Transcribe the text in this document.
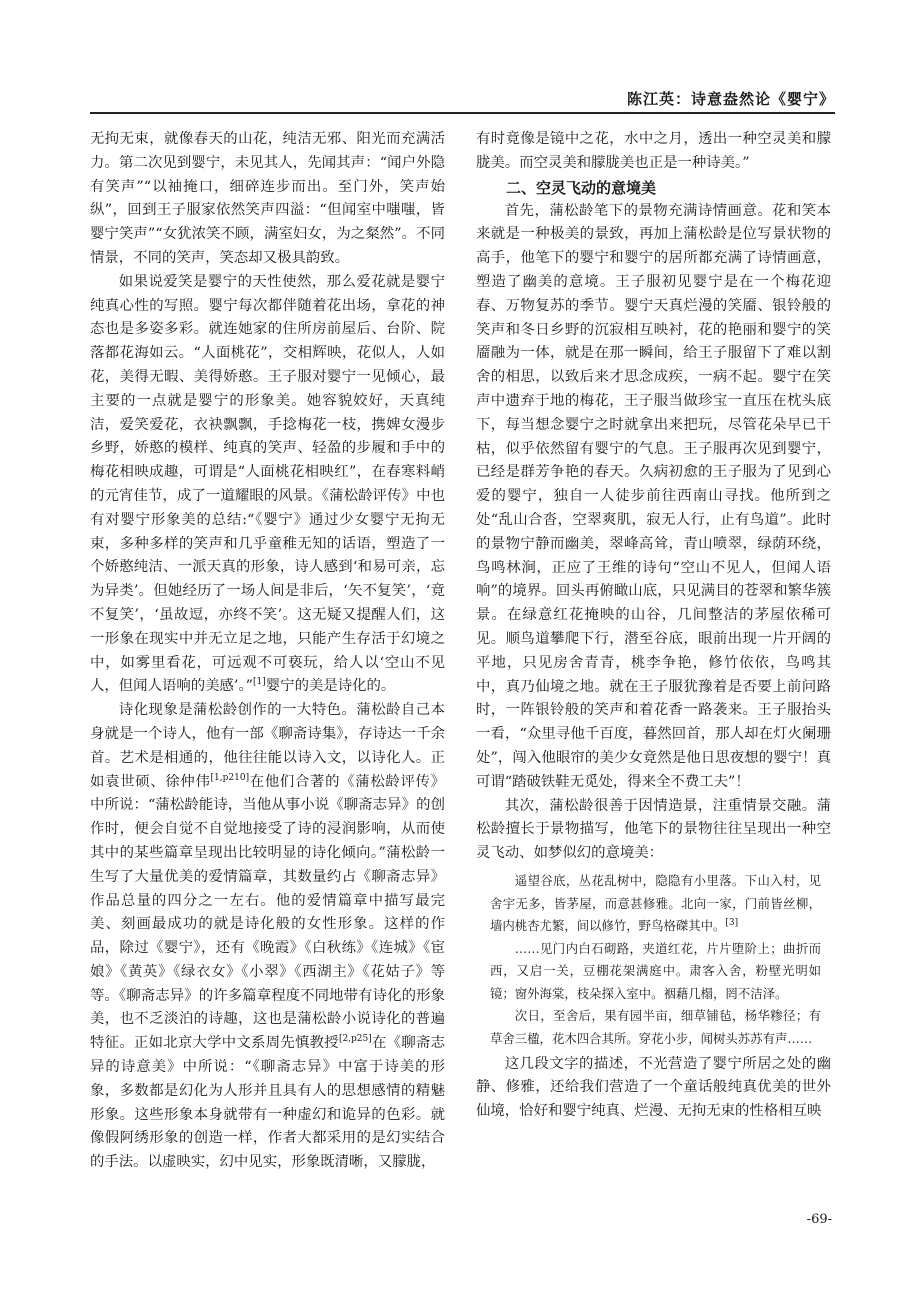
陈江英：诗意盎然论《婴宁》

无拘无束，就像春天的山花，纯洁无邪、阳光而充满活力。第二次见到婴宁，未见其人，先闻其声：“闻户外隐有笑声”“以袖掩口，细碎连步而出。至门外，笑声始纵”，回到王子服家依然笑声四溢：“但闻室中嗤嗤，皆婴宁笑声”“女犹浓笑不顾，满室妇女，为之粲然”。不同情景，不同的笑声，笑态却又极具韵致。

如果说爱笑是婴宁的天性使然，那么爱花就是婴宁纯真心性的写照。婴宁每次都伴随着花出场，拿花的神态也是多姿多彩。就连她家的住所房前屋后、台阶、院落都花海如云。“人面桃花”，交相辉映，花似人，人如花，美得无暇、美得娇憨。王子服对婴宁一见倾心，最主要的一点就是婴宁的形象美。她容貌姣好，天真纯洁，爱笑爱花，衣袂飘飘，手捻梅花一枝，携婢女漫步乡野，娇憨的模样、纯真的笑声、轻盈的步履和手中的梅花相映成趣，可谓是“人面桃花相映红”，在春寒料峭的元宵佳节，成了一道耀眼的风景。《蒲松龄评传》中也有对婴宁形象美的总结:“《婴宁》通过少女婴宁无拘无束，多种多样的笑声和几乎童稚无知的话语，塑造了一个娇憨纯洁、一派天真的形象，诗人感到‘和易可亲，忘为异类’。但她经历了一场人间是非后，‘矢不复笑’，‘竟不复笑’，‘虽故逗，亦终不笑’。这无疑又提醒人们，这一形象在现实中并无立足之地，只能产生存活于幻境之中，如雾里看花，可远观不可亵玩，给人以‘空山不见人，但闻人语响的美感’。”[1]婴宁的美是诗化的。

诗化现象是蒲松龄创作的一大特色。蒲松龄自己本身就是一个诗人，他有一部《聊斋诗集》，存诗达一千余首。艺术是相通的，他往往能以诗入文，以诗化人。正如袁世硕、徐仲伟[1,p210]在他们合著的《蒲松龄评传》中所说：“蒲松龄能诗，当他从事小说《聊斋志异》的创作时，便会自觉不自觉地接受了诗的浸润影响，从而使其中的某些篇章呈现出比较明显的诗化倾向。”蒲松龄一生写了大量优美的爱情篇章，其数量约占《聊斋志异》作品总量的四分之一左右。他的爱情篇章中描写最完美、刻画最成功的就是诗化般的女性形象。这样的作品，除过《婴宁》，还有《晚霞》《白秋练》《连城》《宦娘》《黄英》《绿衣女》《小翠》《西湖主》《花姑子》等等。《聊斋志异》的许多篇章程度不同地带有诗化的形象美，也不乏淡泊的诗趣，这也是蒲松龄小说诗化的普遍特征。正如北京大学中文系周先慎教授[2,p25]在《聊斋志异的诗意美》中所说：“《聊斋志异》中富于诗美的形象，多数都是幻化为人形并且具有人的思想感情的精魅形象。这些形象本身就带有一种虚幻和诡异的色彩。就像假阿绣形象的创造一样，作者大都采用的是幻实结合的手法。以虚映实，幻中见实，形象既清晰，又朦胧，

有时竟像是镜中之花，水中之月，透出一种空灵美和朦胧美。而空灵美和朦胧美也正是一种诗美。”

二、空灵飞动的意境美

首先，蒲松龄笔下的景物充满诗情画意。花和笑本来就是一种极美的景致，再加上蒲松龄是位写景状物的高手，他笔下的婴宁和婴宁的居所都充满了诗情画意，塑造了幽美的意境。王子服初见婴宁是在一个梅花迎春、万物复苏的季节。婴宁天真烂漫的笑靥、银铃般的笑声和冬日乡野的沉寂相互映衬，花的艳丽和婴宁的笑靥融为一体，就是在那一瞬间，给王子服留下了难以割舍的相思，以致后来才思念成疾，一病不起。婴宁在笑声中遗弃于地的梅花，王子服当做珍宝一直压在枕头底下，每当想念婴宁之时就拿出来把玩，尽管花朵早已干枯，似乎依然留有婴宁的气息。王子服再次见到婴宁，已经是群芳争艳的春天。久病初愈的王子服为了见到心爱的婴宁，独自一人徒步前往西南山寻找。他所到之处“乱山合沓，空翠爽肌，寂无人行，止有鸟道”。此时的景物宁静而幽美，翠峰高耸，青山喷翠，绿荫环绕，鸟鸣林涧，正应了王维的诗句“空山不见人，但闻人语响”的境界。回头再俯瞰山底，只见满目的苍翠和繁华簇景。在绿意红花掩映的山谷，几间整洁的茅屋依稀可见。顺鸟道攀爬下行，潜至谷底，眼前出现一片开阔的平地，只见房舍青青，桃李争艳，修竹依依，鸟鸣其中，真乃仙境之地。就在王子服犹豫着是否要上前问路时，一阵银铃般的笑声和着花香一路袭来。王子服抬头一看，“众里寻他千百度，暮然回首，那人却在灯火阑珊处”，闯入他眼帘的美少女竟然是他日思夜想的婴宁！真可谓“踏破铁鞋无觅处，得来全不费工夫”！

其次，蒲松龄很善于因情造景，注重情景交融。蒲松龄擅长于景物描写，他笔下的景物往往呈现出一种空灵飞动、如梦似幻的意境美：

遥望谷底，丛花乱树中，隐隐有小里落。下山入村，见舍宇无多，皆茅屋，而意甚修雅。北向一家，门前皆丝柳，墙内桃杏尤繁，间以修竹，野鸟格磔其中。[3]

……见门内白石砌路，夹道红花，片片堕阶上；曲折而西，又启一关，豆棚花架满庭中。肃客入舍，粉壁光明如镜；窗外海棠，枝朵探入室中。裀藉几榻，罔不洁泽。

次日，至舍后，果有园半亩，细草铺毡，杨华糁径；有草舍三楹，花木四合其所。穿花小步，闻树头苏苏有声……

这几段文字的描述，不光营造了婴宁所居之处的幽静、修雅，还给我们营造了一个童话般纯真优美的世外仙境，恰好和婴宁纯真、烂漫、无拘无束的性格相互映

-69-
